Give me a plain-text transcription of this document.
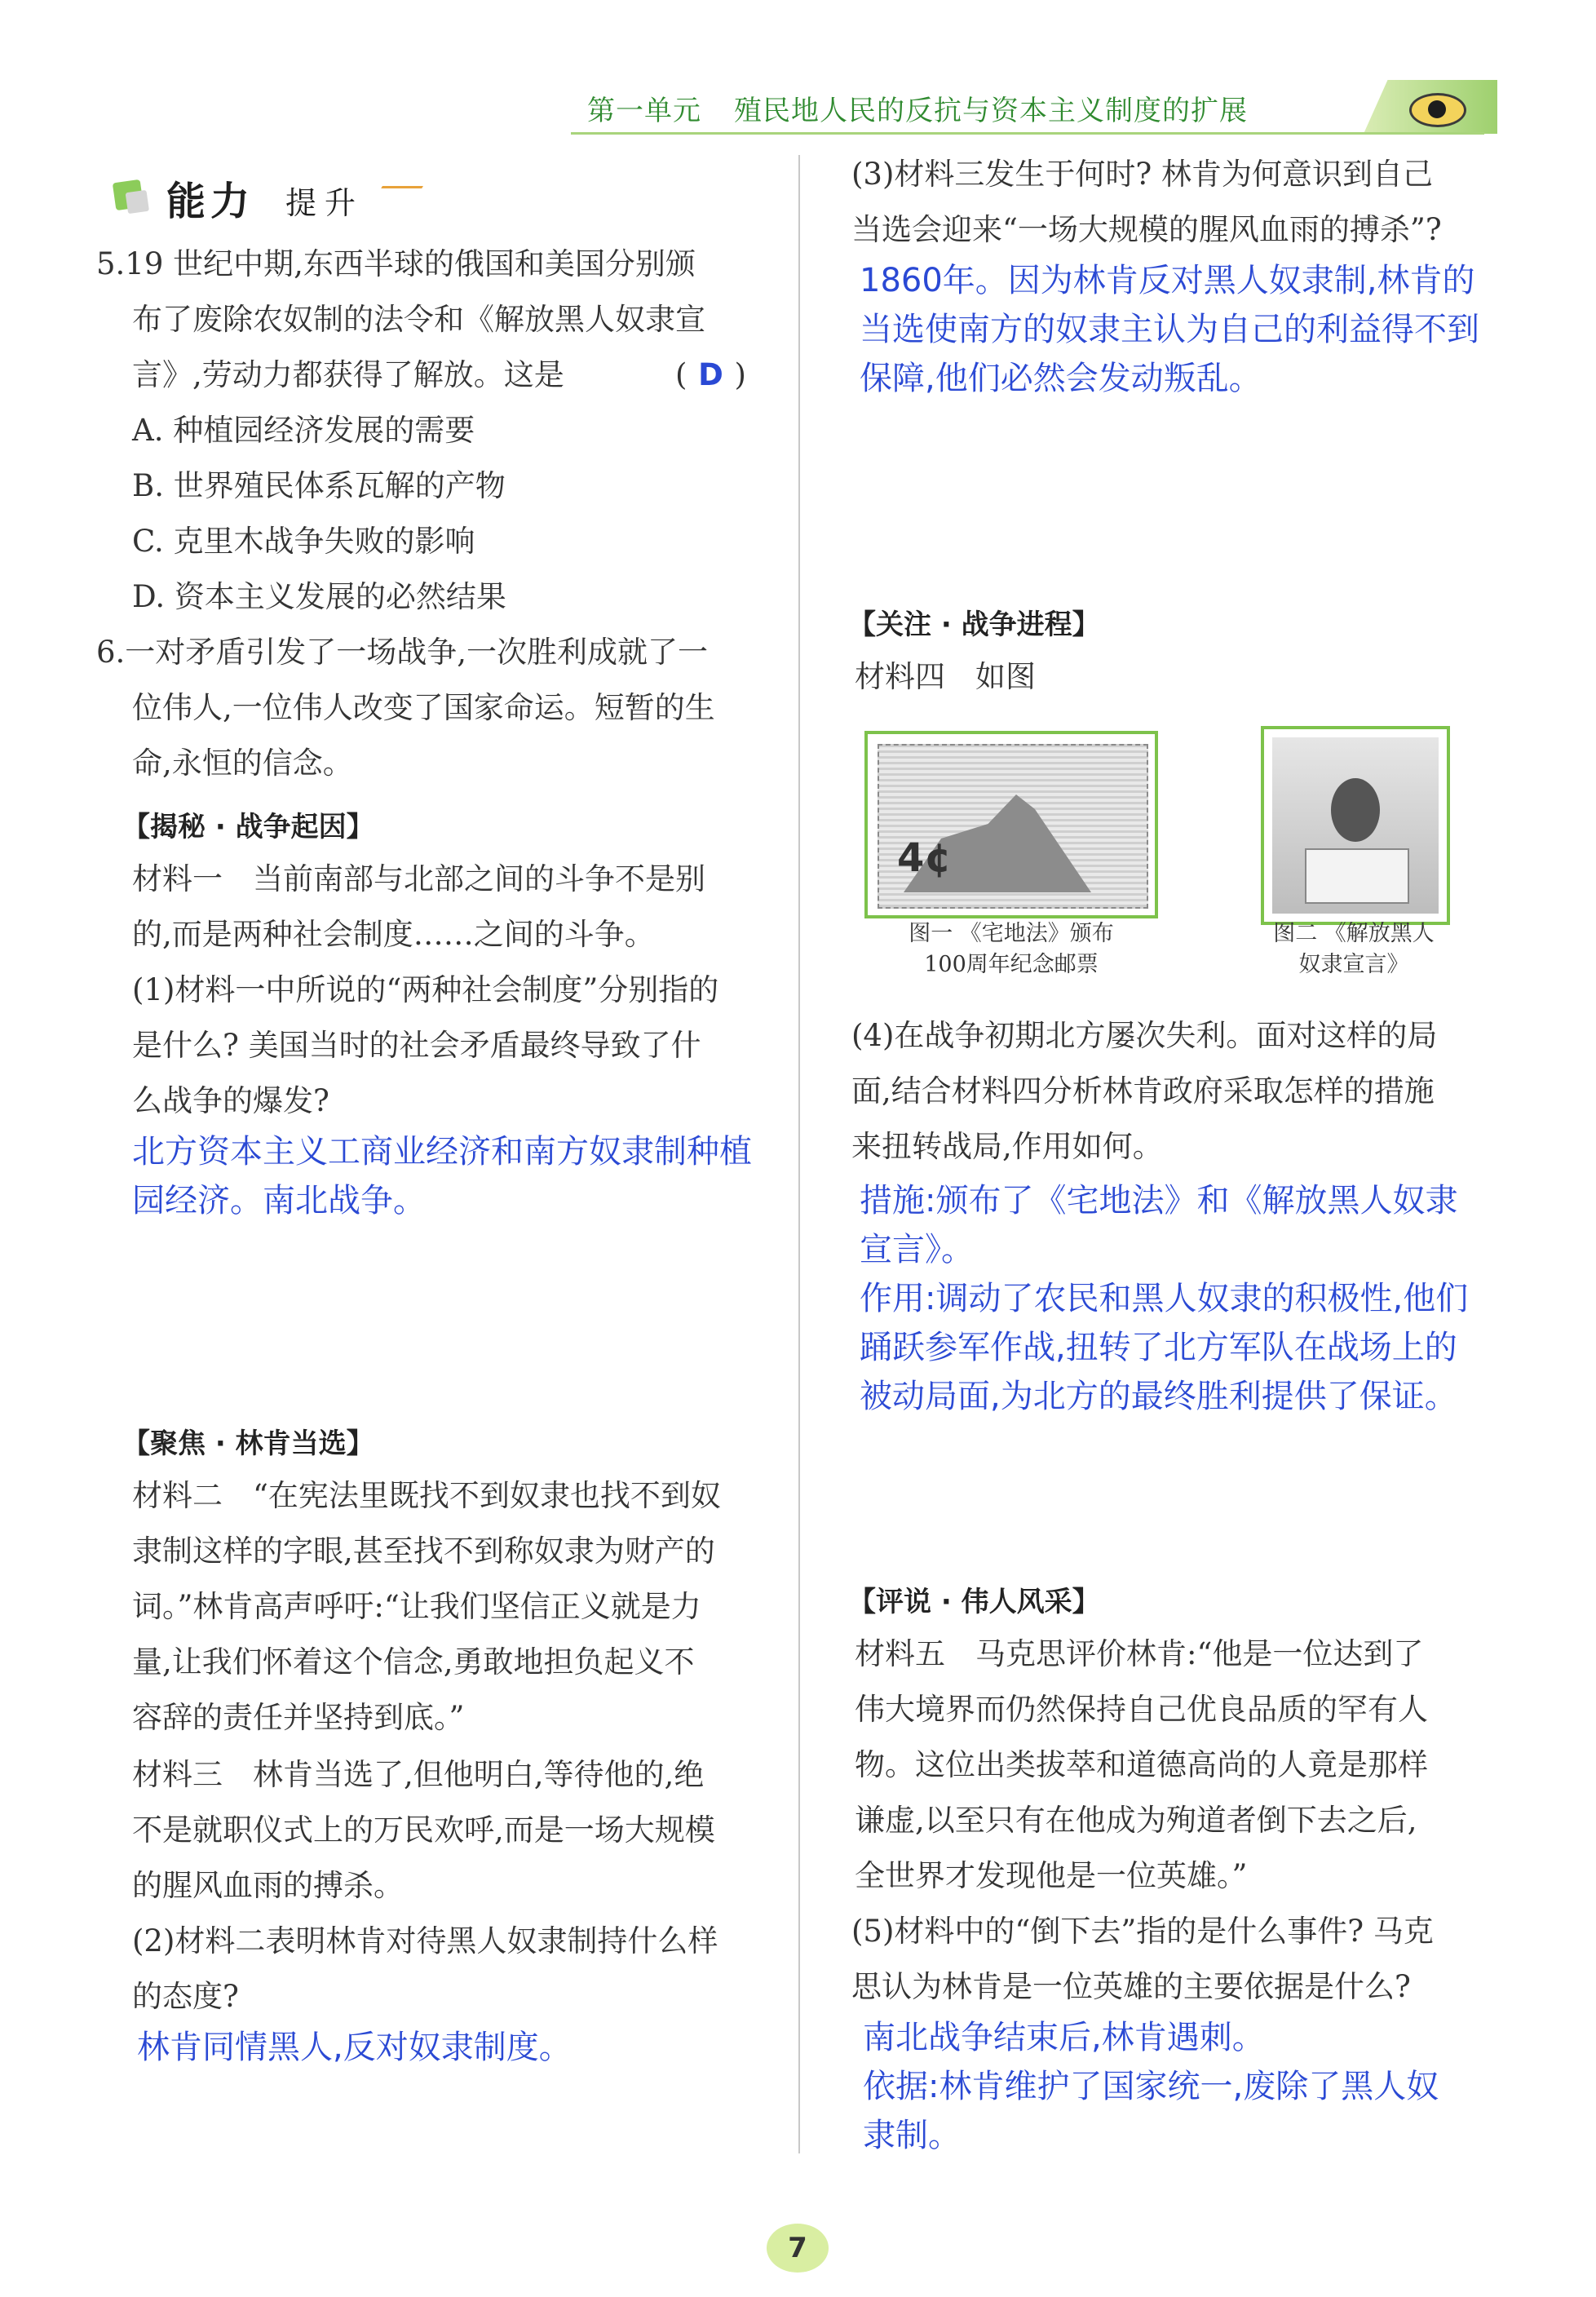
第一单元 殖民地人民的反抗与资本主义制度的扩展
能力 提升
5.19 世纪中期,东西半球的俄国和美国分别颁
布了废除农奴制的法令和《解放黑人奴隶宣
言》,劳动力都获得了解放。这是	( D )
A. 种植园经济发展的需要
B. 世界殖民体系瓦解的产物
C. 克里木战争失败的影响
D. 资本主义发展的必然结果
6.一对矛盾引发了一场战争,一次胜利成就了一
位伟人,一位伟人改变了国家命运。短暂的生
命,永恒的信念。
【揭秘 · 战争起因】
材料一　当前南部与北部之间的斗争不是别
的,而是两种社会制度……之间的斗争。
(1)材料一中所说的“两种社会制度”分别指的
是什么? 美国当时的社会矛盾最终导致了什
么战争的爆发?
北方资本主义工商业经济和南方奴隶制种植
园经济。南北战争。
【聚焦 · 林肯当选】
材料二　“在宪法里既找不到奴隶也找不到奴
隶制这样的字眼,甚至找不到称奴隶为财产的
词。”林肯高声呼吁:“让我们坚信正义就是力
量,让我们怀着这个信念,勇敢地担负起义不
容辞的责任并坚持到底。”
材料三　林肯当选了,但他明白,等待他的,绝
不是就职仪式上的万民欢呼,而是一场大规模
的腥风血雨的搏杀。
(2)材料二表明林肯对待黑人奴隶制持什么样
的态度?
林肯同情黑人,反对奴隶制度。
(3)材料三发生于何时? 林肯为何意识到自己
当选会迎来“一场大规模的腥风血雨的搏杀”?
1860年。因为林肯反对黑人奴隶制,林肯的
当选使南方的奴隶主认为自己的利益得不到
保障,他们必然会发动叛乱。
【关注 · 战争进程】
材料四　如图
4¢
图一 《宅地法》颁布
100周年纪念邮票
图二 《解放黑人
奴隶宣言》
(4)在战争初期北方屡次失利。面对这样的局
面,结合材料四分析林肯政府采取怎样的措施
来扭转战局,作用如何。
措施:颁布了《宅地法》和《解放黑人奴隶
宣言》。
作用:调动了农民和黑人奴隶的积极性,他们
踊跃参军作战,扭转了北方军队在战场上的
被动局面,为北方的最终胜利提供了保证。
【评说 · 伟人风采】
材料五　马克思评价林肯:“他是一位达到了
伟大境界而仍然保持自己优良品质的罕有人
物。这位出类拔萃和道德高尚的人竟是那样
谦虚,以至只有在他成为殉道者倒下去之后,
全世界才发现他是一位英雄。”
(5)材料中的“倒下去”指的是什么事件? 马克
思认为林肯是一位英雄的主要依据是什么?
南北战争结束后,林肯遇刺。
依据:林肯维护了国家统一,废除了黑人奴
隶制。
7
